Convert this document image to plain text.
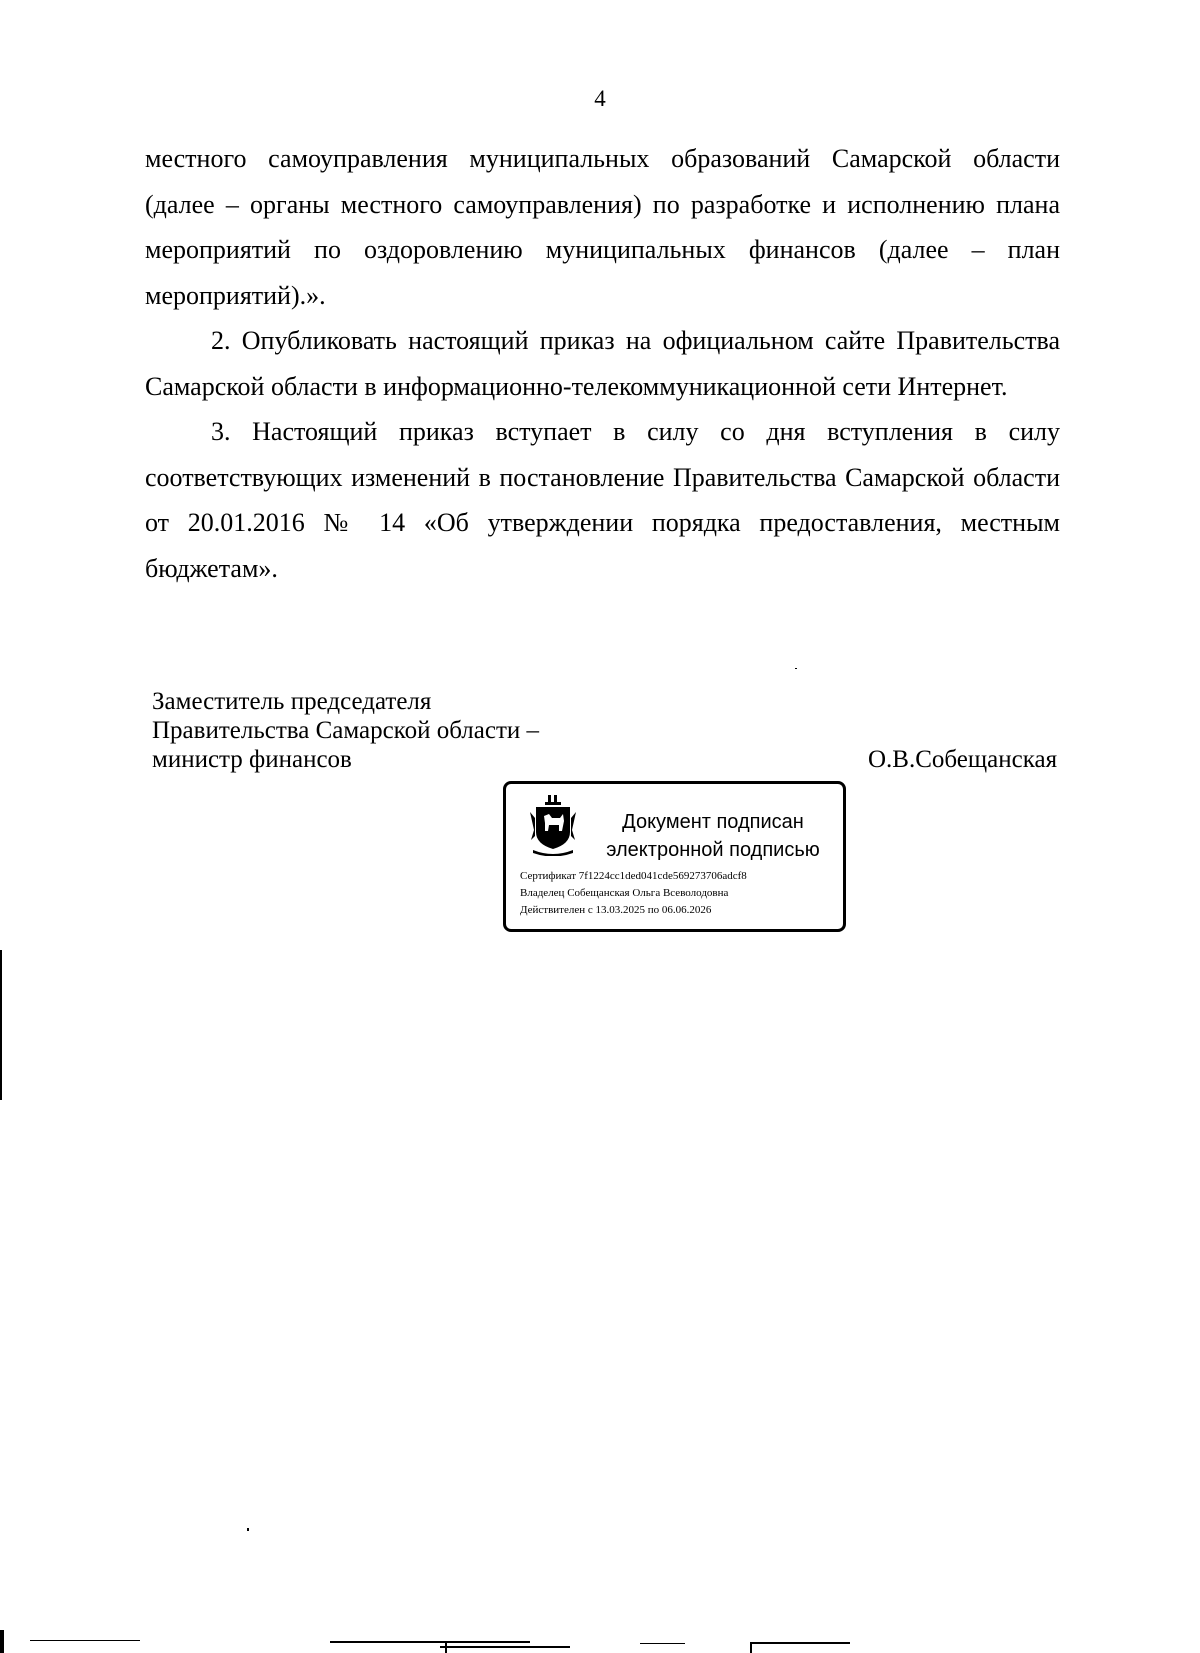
4

местного самоуправления муниципальных образований Самарской области (далее – органы местного самоуправления) по разработке и исполнению плана мероприятий по оздоровлению муниципальных финансов (далее – план мероприятий).».

2. Опубликовать настоящий приказ на официальном сайте Правительства Самарской области в информационно-телекоммуникационной сети Интернет.

3. Настоящий приказ вступает в силу со дня вступления в силу соответствующих изменений в постановление Правительства Самарской области от 20.01.2016 № 14 «Об утверждении порядка предоставления, местным бюджетам».

Заместитель председателя
Правительства Самарской области –
министр финансов	О.В.Собещанская
Документ подписан
электронной подписью
Сертификат 7f1224cc1ded041cde569273706adcf8
Владелец Собещанская Ольга Всеволодовна
Действителен с 13.03.2025 по 06.06.2026
